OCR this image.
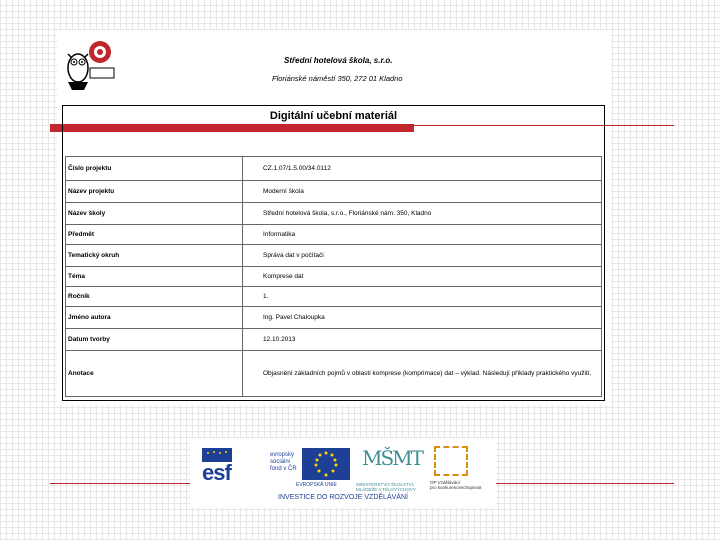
Střední hotelová škola, s.r.o.
Floriánské náměstí 350, 272 01 Kladno
Digitální učební materiál
Číslo projektu	CZ.1.07/1.5.00/34.0112
Název projektu	Moderní škola
Název školy	Střední hotelová škola, s.r.o., Floriánské nám. 350, Kladno
Předmět	Informatika
Tematický okruh	Správa dat v počítači
Téma	Komprese dat
Ročník	1.
Jméno autora	Ing. Pavel Chaloupka
Datum tvorby	12.10.2013
Anotace	Objasnění základních pojmů v oblasti komprese (komprimace) dat – výklad. Následují příklady praktického využití.
esf
evropský
sociální
fond v ČR
EVROPSKÁ UNIE
MŠMT
MINISTERSTVO ŠKOLSTVÍ, MLÁDEŽE A TĚLOVÝCHOVY
OP Vzdělávání
pro konkurenceschopnost
INVESTICE DO ROZVOJE VZDĚLÁVÁNÍ
